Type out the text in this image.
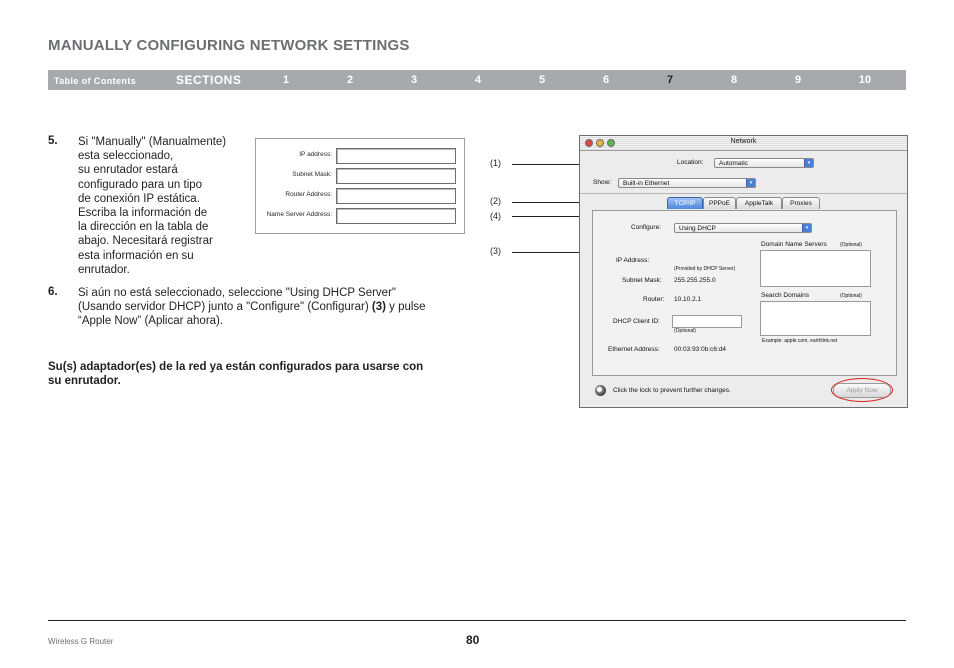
MANUALLY CONFIGURING NETWORK SETTINGS
Table of Contents	SECTIONS	1	2	3	4	5	6	7	8	9	10
5. Si "Manually" (Manualmente)
esta seleccionado,
su enrutador estará
configurado para un tipo
de conexión IP estática.
Escriba la información de
la dirección en la tabla de
abajo. Necesitará registrar
esta información en su
enrutador.
IP address:
Subnet Mask:
Router Address:
Name Server Address:
6. Si aún no está seleccionado, seleccione "Using DHCP Server"
(Usando servidor DHCP) junto a "Configure" (Configurar) (3) y pulse
“Apple Now” (Aplicar ahora).
Su(s) adaptador(es) de la red ya están configurados para usarse con
su enrutador.
(1)
(2)
(4)
(3)
Network
Location:	Automatic	▾
Show:	Built-in Ethernet	▾
TCP/IP	PPPoE	AppleTalk	Proxies
Configure:	Using DHCP	▾
IP Address:
(Provided by DHCP Server)
Subnet Mask: 255.255.255.0
Router: 10.10.2.1
DHCP Client ID:
(Optional)
Ethernet Address: 00:03:93:0b:c6:d4
Domain Name Servers	(Optional)
Search Domains	(Optional)
Example: apple.com, earthlink.net
Click the lock to prevent further changes.	Apply Now
Wireless G Router	80
